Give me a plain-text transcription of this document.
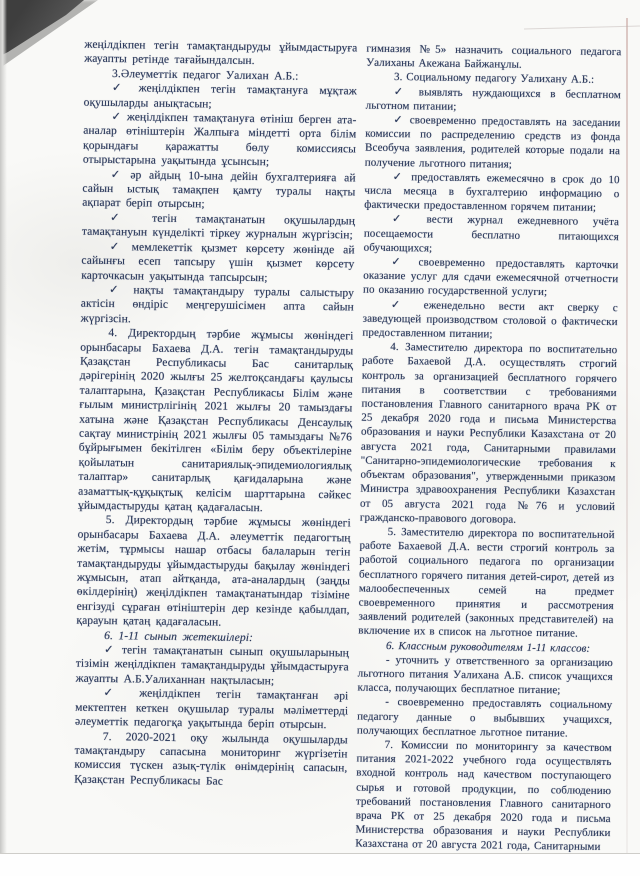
жеңілдікпен тегін тамақтандыруды ұйымдастыруға жауапты ретінде тағайындалсын.

3.Әлеуметтік педагог Уалихан А.Б.:

✓ жеңілдікпен тегін тамақтануға мұқтаж оқушыларды анықтасын;

✓ жеңілдікпен тамақтануға өтініш берген ата-аналар өтініштерін Жалпыға міндетті орта білім қорындағы қаражатты бөлу комиссиясы отырыстарына уақытында ұсынсын;

✓ әр айдың 10-ына дейін бухгалтерияға ай сайын ыстық тамақпен қамту туралы нақты ақпарат беріп отырсын;

✓ тегін тамақтанатын оқушылардың тамақтануын күнделікті тіркеу журналын жүргізсін;

✓ мемлекеттік қызмет көрсету жөнінде ай сайынғы есеп тапсыру үшін қызмет көрсету карточкасын уақытында тапсырсын;

✓ нақты тамақтандыру туралы салыстыру актісін өндіріс меңгерушісімен апта сайын жүргізсін.

4. Директордың тәрбие жұмысы жөніндегі орынбасары Бахаева Д.А. тегін тамақтандыруды Қазақстан Республикасы Бас санитарлық дәрігерінің 2020 жылғы 25 желтоқсандағы қаулысы талаптарына, Қазақстан Республикасы Білім және ғылым министрлігінің 2021 жылғы 20 тамыздағы хатына және Қазақстан Республикасы Денсаулық сақтау министрінің 2021 жылғы 05 тамыздағы №76 бұйрығымен бекітілген «Білім беру объектілеріне қойылатын санитариялық-эпидемиологиялық талаптар» санитарлық қағидаларына және азаматтық-құқықтық келісім шарттарына сәйкес ұйымдастыруды қатаң қадағаласын.

5. Директордың тәрбие жұмысы жөніндегі орынбасары Бахаева Д.А. әлеуметтік педагогтың жетім, тұрмысы нашар отбасы балаларын тегін тамақтандыруды ұйымдастыруды бақылау жөніндегі жұмысын, атап айтқанда, ата-аналардың (заңды өкілдерінің) жеңілдікпен тамақтанатындар тізіміне енгізуді сұраған өтініштерін дер кезінде қабылдап, қарауын қатаң қадағаласын.

6. 1-11 сынып жетекшілері:

✓ тегін тамақтанатын сынып оқушыларының тізімін жеңілдікпен тамақтандыруды ұйымдастыруға жауапты А.Б.Уалиханнан нақтыласын;

✓ жеңілдікпен тегін тамақтанған әрі мектептен кеткен оқушылар туралы мәліметтерді әлеуметтік педагогқа уақытында беріп отырсын.

7. 2020-2021 оқу жылында оқушыларды тамақтандыру сапасына мониторинг жүргізетін комиссия түскен азық-түлік өнімдерінің сапасын, Қазақстан Республикасы Бас

гимназия №5» назначить социального педагога Уалиханы Акежана Байжанұлы.

3. Социальному педагогу Уалихану А.Б.:

✓ выявлять нуждающихся в бесплатном льготном питании;

✓ своевременно предоставлять на заседании комиссии по распределению средств из фонда Всеобуча заявления, родителей которые подали на получение льготного питания;

✓ предоставлять ежемесячно в срок до 10 числа месяца в бухгалтерию информацию о фактически предоставленном горячем питании;

✓ вести журнал ежедневного учёта посещаемости бесплатно питающихся обучающихся;

✓ своевременно предоставлять карточки оказание услуг для сдачи ежемесячной отчетности по оказанию государственной услуги;

✓ еженедельно вести акт сверку с заведующей производством столовой о фактически предоставленном питании;

4. Заместителю директора по воспитательно работе Бахаевой Д.А. осуществлять строгий контроль за организацией бесплатного горячего питания в соответствии с требованиями постановления Главного санитарного врача РК от 25 декабря 2020 года и письма Министерства образования и науки Республики Казахстана от 20 августа 2021 года, Санитарными правилами "Санитарно-эпидемиологические требования к объектам образования", утвержденными приказом Министра здравоохранения Республики Казахстан от 05 августа 2021 года №76 и условий гражданско-правового договора.

5. Заместителю директора по воспитательной работе Бахаевой Д.А. вести строгий контроль за работой социального педагога по организации бесплатного горячего питания детей-сирот, детей из малообеспеченных семей на предмет своевременного принятия и рассмотрения заявлений родителей (законных представителей) на включение их в список на льготное питание.

6. Классным руководителям 1-11 классов:

- уточнить у ответственного за организацию льготного питания Уалихана А.Б. список учащихся класса, получающих бесплатное питание;

- своевременно предоставлять социальному педагогу данные о выбывших учащихся, получающих бесплатное льготное питание.

7. Комиссии по мониторингу за качеством питания 2021-2022 учебного года осуществлять входной контроль над качеством поступающего сырья и готовой продукции, по соблюдению требований постановления Главного санитарного врача РК от 25 декабря 2020 года и письма Министерства образования и науки Республики Казахстана от 20 августа 2021 года, Санитарными
